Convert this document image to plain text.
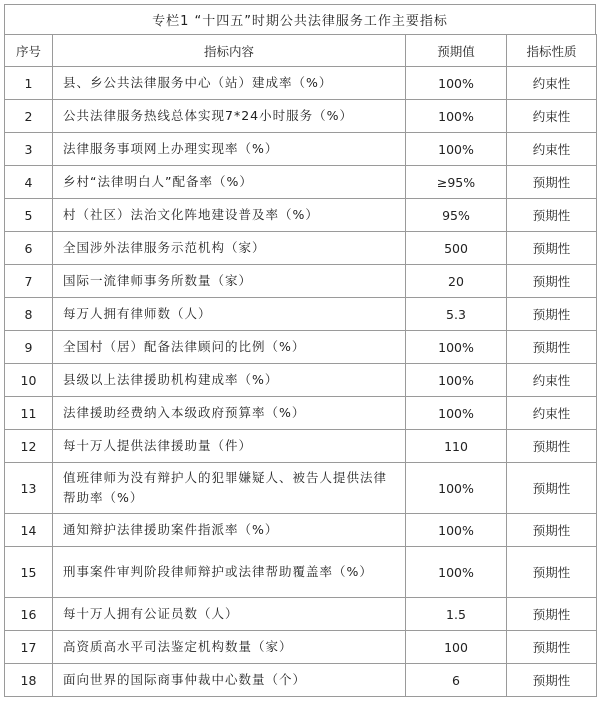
专栏1 “十四五”时期公共法律服务工作主要指标
序号	指标内容	预期值	指标性质
1	县、乡公共法律服务中心（站）建成率（%）	100%	约束性
2	公共法律服务热线总体实现7*24小时服务（%）	100%	约束性
3	法律服务事项网上办理实现率（%）	100%	约束性
4	乡村“法律明白人”配备率（%）	≥95%	预期性
5	村（社区）法治文化阵地建设普及率（%）	95%	预期性
6	全国涉外法律服务示范机构（家）	500	预期性
7	国际一流律师事务所数量（家）	20	预期性
8	每万人拥有律师数（人）	5.3	预期性
9	全国村（居）配备法律顾问的比例（%）	100%	预期性
10	县级以上法律援助机构建成率（%）	100%	约束性
11	法律援助经费纳入本级政府预算率（%）	100%	约束性
12	每十万人提供法律援助量（件）	110	预期性
13	值班律师为没有辩护人的犯罪嫌疑人、被告人提供法律帮助率（%）	100%	预期性
14	通知辩护法律援助案件指派率（%）	100%	预期性
15	刑事案件审判阶段律师辩护或法律帮助覆盖率（%）	100%	预期性
16	每十万人拥有公证员数（人）	1.5	预期性
17	高资质高水平司法鉴定机构数量（家）	100	预期性
18	面向世界的国际商事仲裁中心数量（个）	6	预期性
